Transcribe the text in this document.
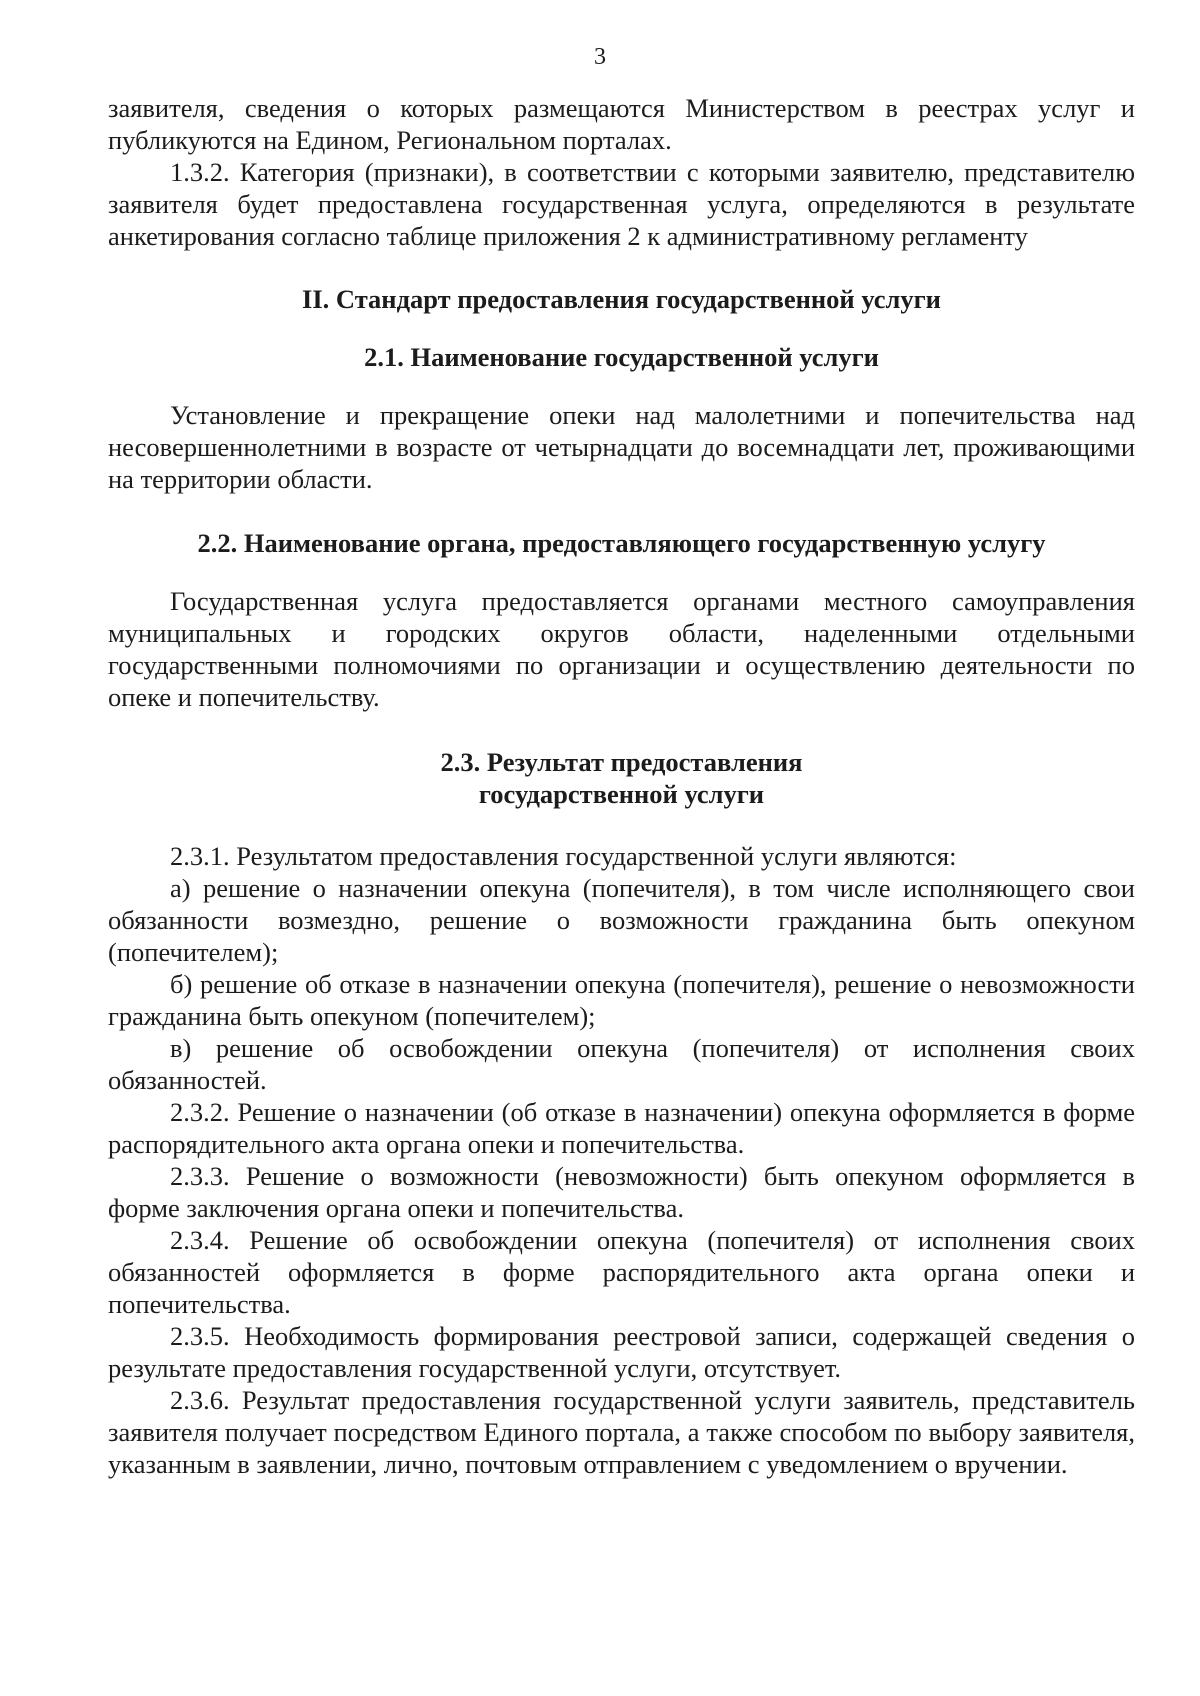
3

заявителя, сведения о которых размещаются Министерством в реестрах услуг и публикуются на Едином, Региональном порталах.

1.3.2. Категория (признаки), в соответствии с которыми заявителю, представителю заявителя будет предоставлена государственная услуга, определяются в результате анкетирования согласно таблице приложения 2 к административному регламенту

II. Стандарт предоставления государственной услуги
2.1. Наименование государственной услуги

Установление и прекращение опеки над малолетними и попечительства над несовершеннолетними в возрасте от четырнадцати до восемнадцати лет, проживающими на территории области.

2.2. Наименование органа, предоставляющего государственную услугу

Государственная услуга предоставляется органами местного самоуправления муниципальных и городских округов области, наделенными отдельными государственными полномочиями по организации и осуществлению деятельности по опеке и попечительству.

2.3. Результат предоставления
государственной услуги

2.3.1. Результатом предоставления государственной услуги являются:

а) решение о назначении опекуна (попечителя), в том числе исполняющего свои обязанности возмездно, решение о возможности гражданина быть опекуном (попечителем);

б) решение об отказе в назначении опекуна (попечителя), решение о невозможности гражданина быть опекуном (попечителем);

в) решение об освобождении опекуна (попечителя) от исполнения своих обязанностей.

2.3.2. Решение о назначении (об отказе в назначении) опекуна оформляется в форме распорядительного акта органа опеки и попечительства.

2.3.3. Решение о возможности (невозможности) быть опекуном оформляется в форме заключения органа опеки и попечительства.

2.3.4. Решение об освобождении опекуна (попечителя) от исполнения своих обязанностей оформляется в форме распорядительного акта органа опеки и попечительства.

2.3.5. Необходимость формирования реестровой записи, содержащей сведения о результате предоставления государственной услуги, отсутствует.

2.3.6. Результат предоставления государственной услуги заявитель, представитель заявителя получает посредством Единого портала, а также способом по выбору заявителя, указанным в заявлении, лично, почтовым отправлением с уведомлением о вручении.
